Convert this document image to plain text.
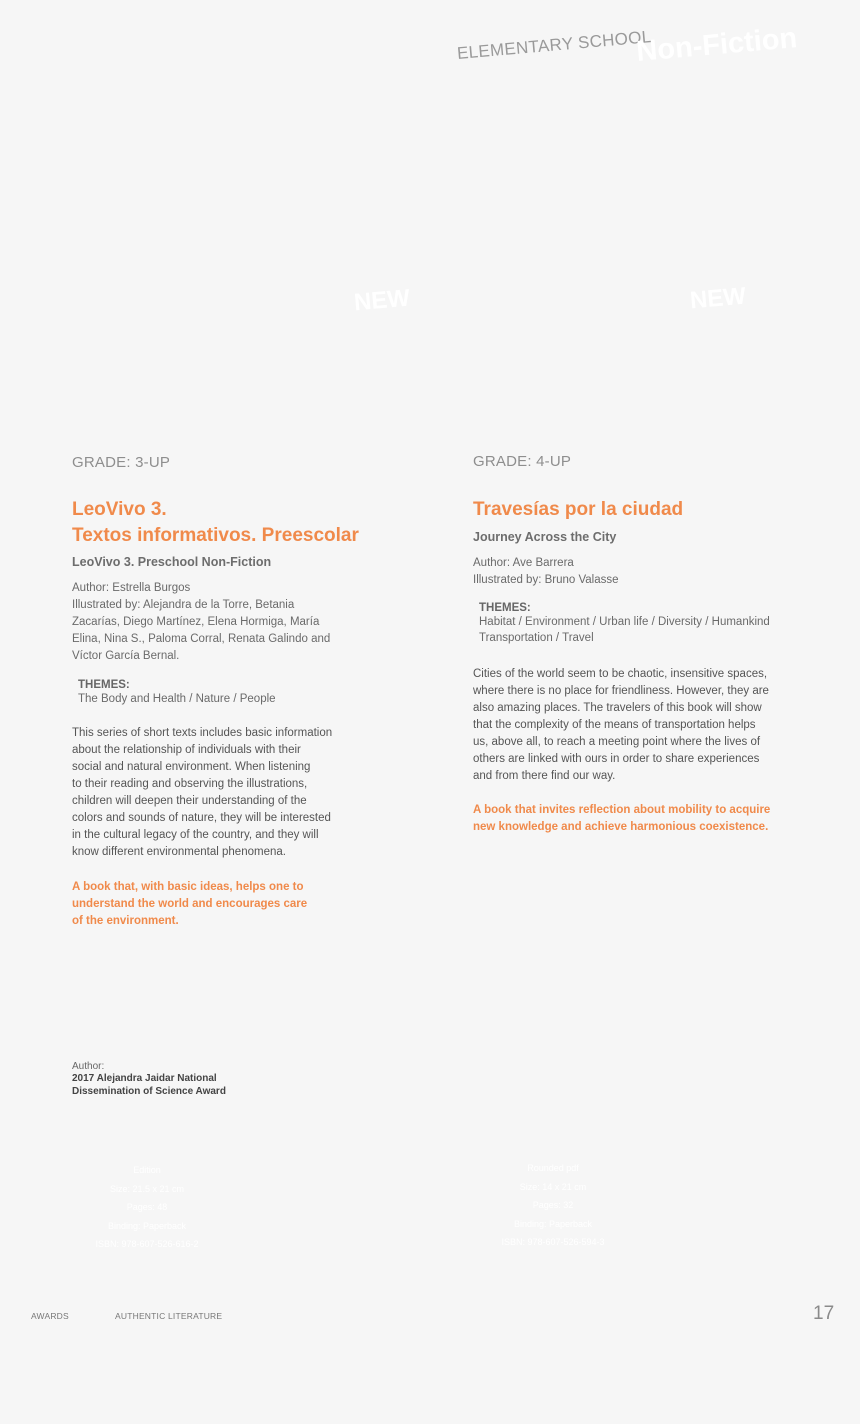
ELEMENTARY SCHOOL
Non-Fiction
NEW	NEW
GRADE: 3-UP
LeoVivo 3.
Textos informativos. Preescolar
LeoVivo 3. Preschool Non-Fiction
Author: Estrella Burgos
Illustrated by: Alejandra de la Torre, Betania
Zacarías, Diego Martínez, Elena Hormiga, María
Elina, Nina S., Paloma Corral, Renata Galindo and
Víctor García Bernal.
THEMES:
The Body and Health / Nature / People
This series of short texts includes basic information
about the relationship of individuals with their
social and natural environment. When listening
to their reading and observing the illustrations,
children will deepen their understanding of the
colors and sounds of nature, they will be interested
in the cultural legacy of the country, and they will
know different environmental phenomena.
A book that, with basic ideas, helps one to
understand the world and encourages care
of the environment.
Author:
2017 Alejandra Jaidar National
Dissemination of Science Award
Edition
Size: 21.5 x 21 cm
Pages: 48
Binding: Paperback
ISBN: 978-607-526-616-2
GRADE: 4-UP
Travesías por la ciudad
Journey Across the City
Author: Ave Barrera
Illustrated by: Bruno Valasse
THEMES:
Habitat / Environment / Urban life / Diversity / Humankind
Transportation / Travel
Cities of the world seem to be chaotic, insensitive spaces,
where there is no place for friendliness. However, they are
also amazing places. The travelers of this book will show
that the complexity of the means of transportation helps
us, above all, to reach a meeting point where the lives of
others are linked with ours in order to share experiences
and from there find our way.
A book that invites reflection about mobility to acquire
new knowledge and achieve harmonious coexistence.
Rounded pdf
Size: 14 x 21 cm
Pages: 32
Binding: Paperback
ISBN: 978-607-526-594-3
AWARDS	AUTHENTIC LITERATURE	17
